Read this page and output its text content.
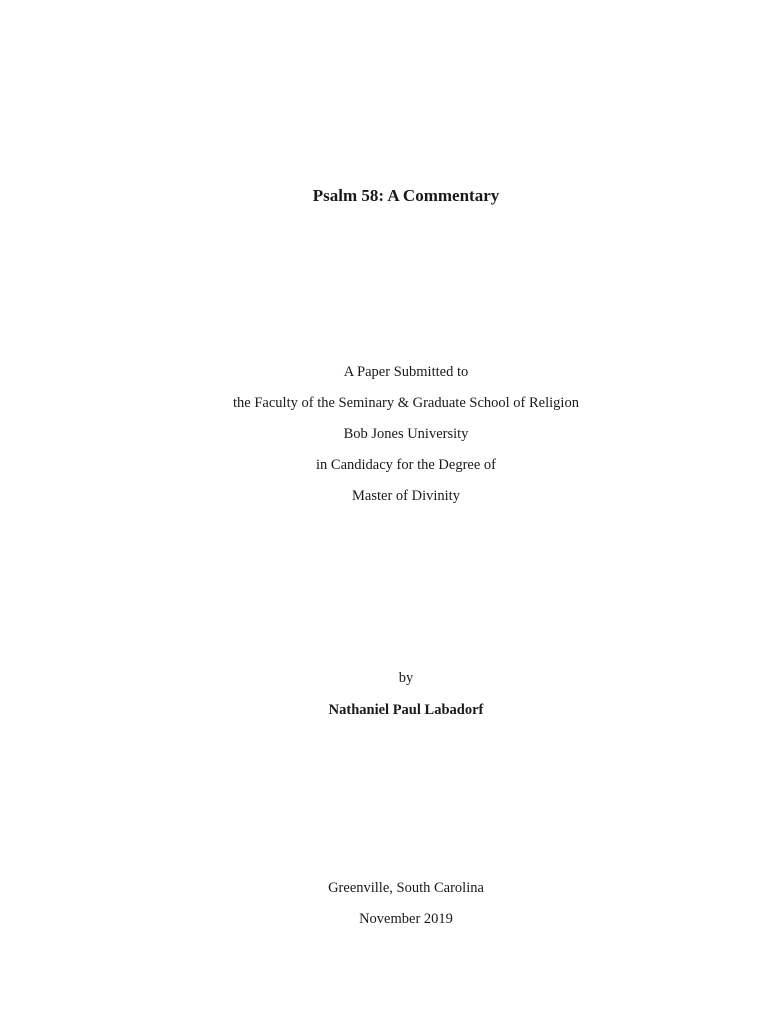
Psalm 58: A Commentary
A Paper Submitted to
the Faculty of the Seminary & Graduate School of Religion
Bob Jones University
in Candidacy for the Degree of
Master of Divinity
by
Nathaniel Paul Labadorf
Greenville, South Carolina
November 2019
